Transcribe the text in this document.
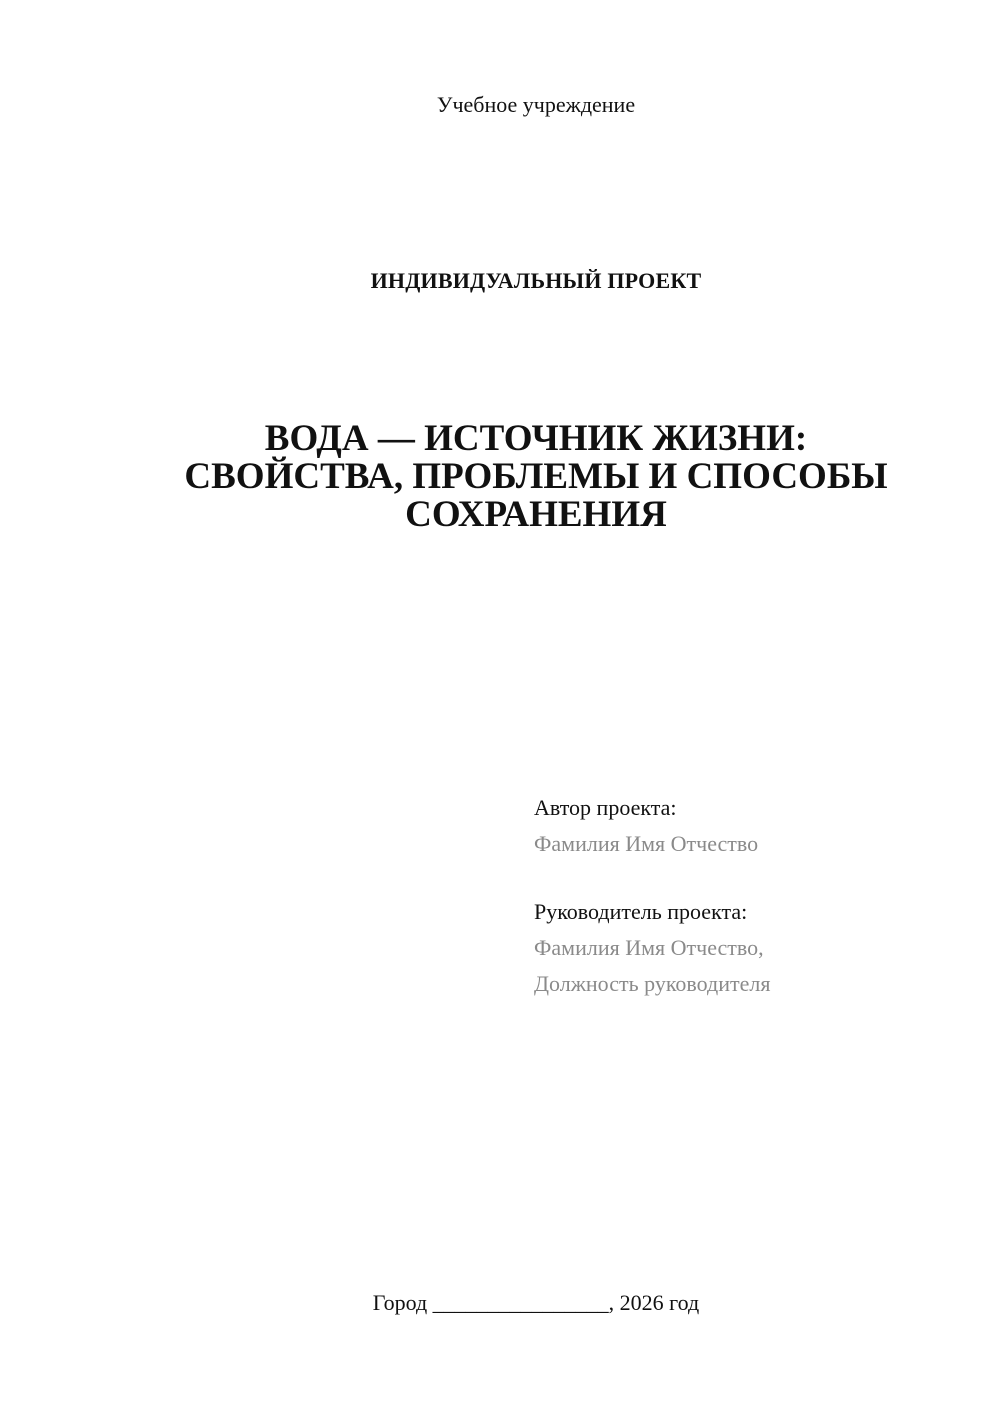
Учебное учреждение
ИНДИВИДУАЛЬНЫЙ ПРОЕКТ
ВОДА — ИСТОЧНИК ЖИЗНИ:
СВОЙСТВА, ПРОБЛЕМЫ И СПОСОБЫ
СОХРАНЕНИЯ
Автор проекта:
Фамилия Имя Отчество
Руководитель проекта:
Фамилия Имя Отчество,
Должность руководителя
Город ________________, 2026 год
